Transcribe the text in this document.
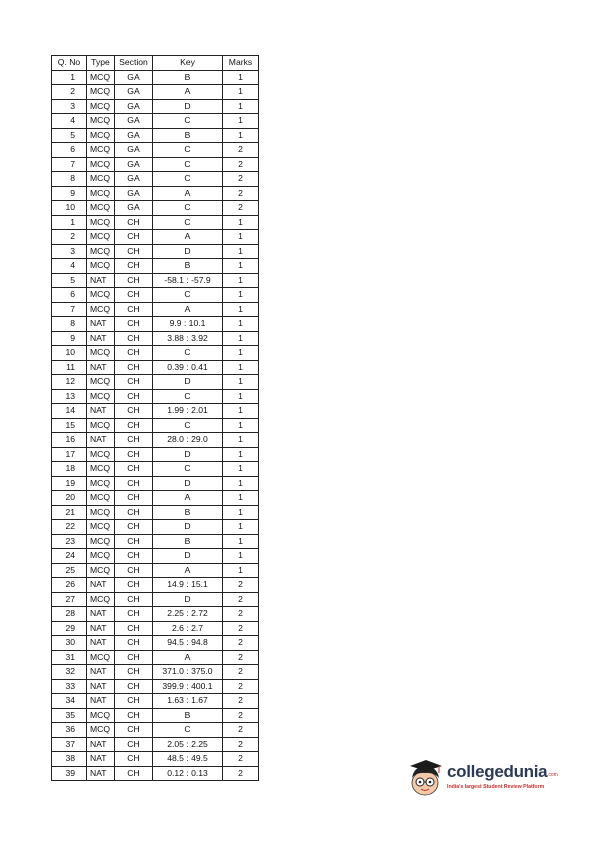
Q. No	Type	Section	Key	Marks
1	MCQ	GA	B	1
2	MCQ	GA	A	1
3	MCQ	GA	D	1
4	MCQ	GA	C	1
5	MCQ	GA	B	1
6	MCQ	GA	C	2
7	MCQ	GA	C	2
8	MCQ	GA	C	2
9	MCQ	GA	A	2
10	MCQ	GA	C	2
1	MCQ	CH	C	1
2	MCQ	CH	A	1
3	MCQ	CH	D	1
4	MCQ	CH	B	1
5	NAT	CH	-58.1 : -57.9	1
6	MCQ	CH	C	1
7	MCQ	CH	A	1
8	NAT	CH	9.9 : 10.1	1
9	NAT	CH	3.88 : 3.92	1
10	MCQ	CH	C	1
11	NAT	CH	0.39 : 0.41	1
12	MCQ	CH	D	1
13	MCQ	CH	C	1
14	NAT	CH	1.99 : 2.01	1
15	MCQ	CH	C	1
16	NAT	CH	28.0 : 29.0	1
17	MCQ	CH	D	1
18	MCQ	CH	C	1
19	MCQ	CH	D	1
20	MCQ	CH	A	1
21	MCQ	CH	B	1
22	MCQ	CH	D	1
23	MCQ	CH	B	1
24	MCQ	CH	D	1
25	MCQ	CH	A	1
26	NAT	CH	14.9 : 15.1	2
27	MCQ	CH	D	2
28	NAT	CH	2.25 : 2.72	2
29	NAT	CH	2.6 : 2.7	2
30	NAT	CH	94.5 : 94.8	2
31	MCQ	CH	A	2
32	NAT	CH	371.0 : 375.0	2
33	NAT	CH	399.9 : 400.1	2
34	NAT	CH	1.63 : 1.67	2
35	MCQ	CH	B	2
36	MCQ	CH	C	2
37	NAT	CH	2.05 : 2.25	2
38	NAT	CH	48.5 : 49.5	2
39	NAT	CH	0.12 : 0.13	2	collegedunia .com
India's largest Student Review Platform
